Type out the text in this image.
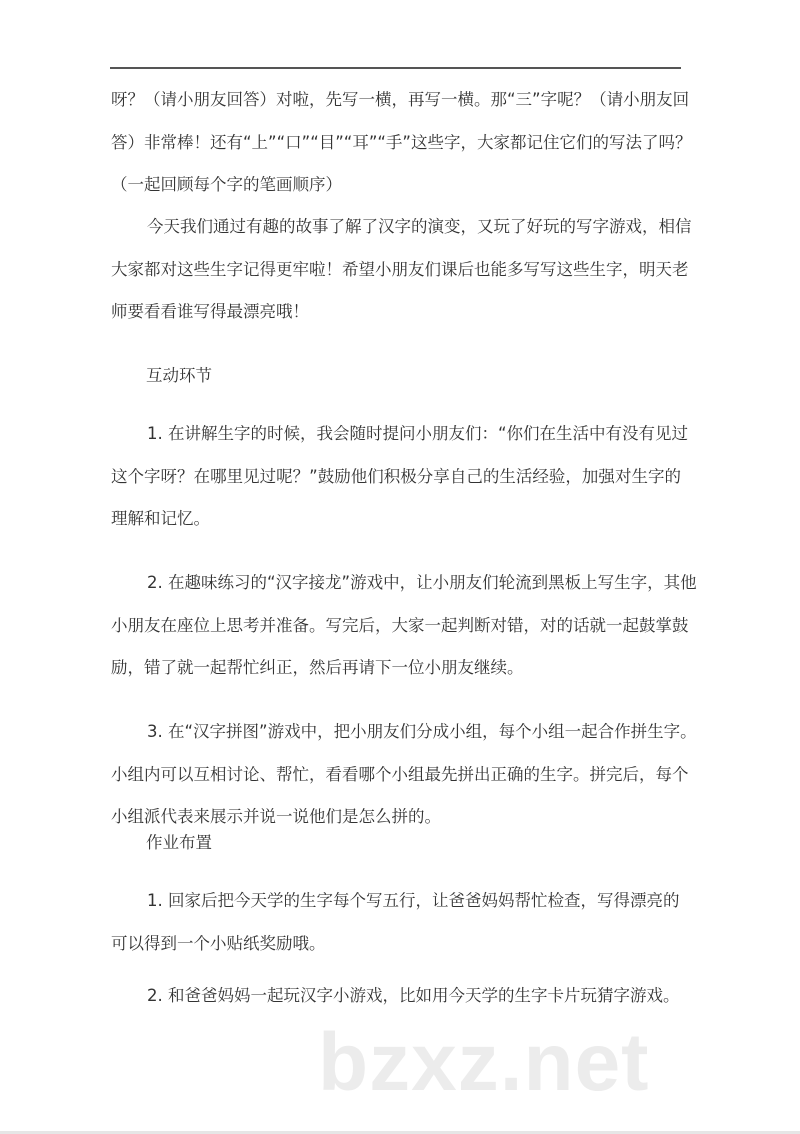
呀？（请小朋友回答）对啦，先写一横，再写一横。那“三”字呢？（请小朋友回
答）非常棒！还有“上”“口”“目”“耳”“手”这些字，大家都记住它们的写法了吗？
（一起回顾每个字的笔画顺序）
今天我们通过有趣的故事了解了汉字的演变，又玩了好玩的写字游戏，相信
大家都对这些生字记得更牢啦！希望小朋友们课后也能多写写这些生字，明天老
师要看看谁写得最漂亮哦！
互动环节
1. 在讲解生字的时候，我会随时提问小朋友们：“你们在生活中有没有见过
这个字呀？在哪里见过呢？”鼓励他们积极分享自己的生活经验，加强对生字的
理解和记忆。
2. 在趣味练习的“汉字接龙”游戏中，让小朋友们轮流到黑板上写生字，其他
小朋友在座位上思考并准备。写完后，大家一起判断对错，对的话就一起鼓掌鼓
励，错了就一起帮忙纠正，然后再请下一位小朋友继续。
3. 在“汉字拼图”游戏中，把小朋友们分成小组，每个小组一起合作拼生字。
小组内可以互相讨论、帮忙，看看哪个小组最先拼出正确的生字。拼完后，每个
小组派代表来展示并说一说他们是怎么拼的。
作业布置
1. 回家后把今天学的生字每个写五行，让爸爸妈妈帮忙检查，写得漂亮的
可以得到一个小贴纸奖励哦。
2. 和爸爸妈妈一起玩汉字小游戏，比如用今天学的生字卡片玩猜字游戏。
bzxz.net
